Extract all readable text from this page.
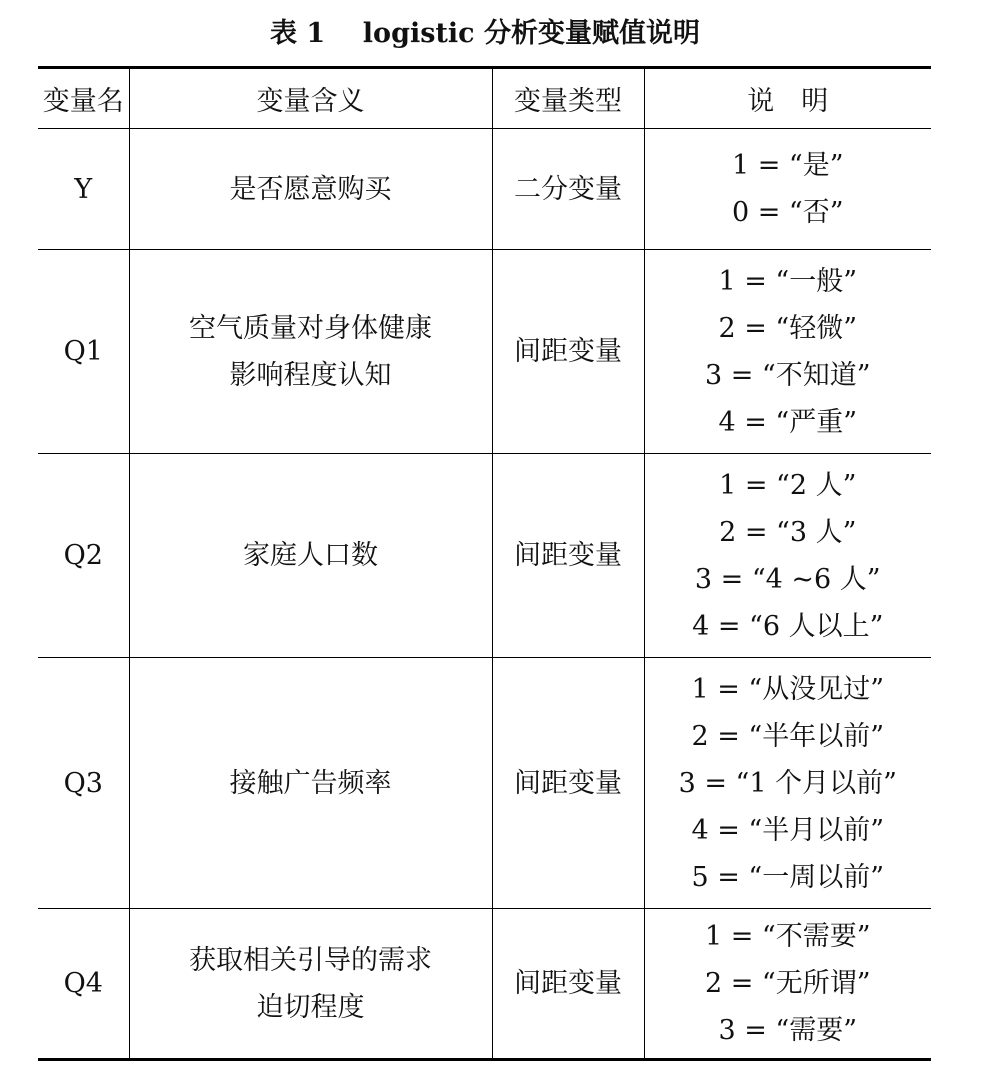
表 1    logistic 分析变量赋值说明
变量名	变量含义	变量类型	说　明

Y	是否愿意购买	二分变量	1 = “是”
0 = “否”

Q1	空气质量对身体健康
影响程度认知	间距变量	1 = “一般”
2 = “轻微”
3 = “不知道”
4 = “严重”

Q2	家庭人口数	间距变量	1 = “2 人”
2 = “3 人”
3 = “4 ~6 人”
4 = “6 人以上”

Q3	接触广告频率	间距变量	1 = “从没见过”
2 = “半年以前”
3 = “1 个月以前”
4 = “半月以前”
5 = “一周以前”

Q4	获取相关引导的需求
迫切程度	间距变量	1 = “不需要”
2 = “无所谓”
3 = “需要”
